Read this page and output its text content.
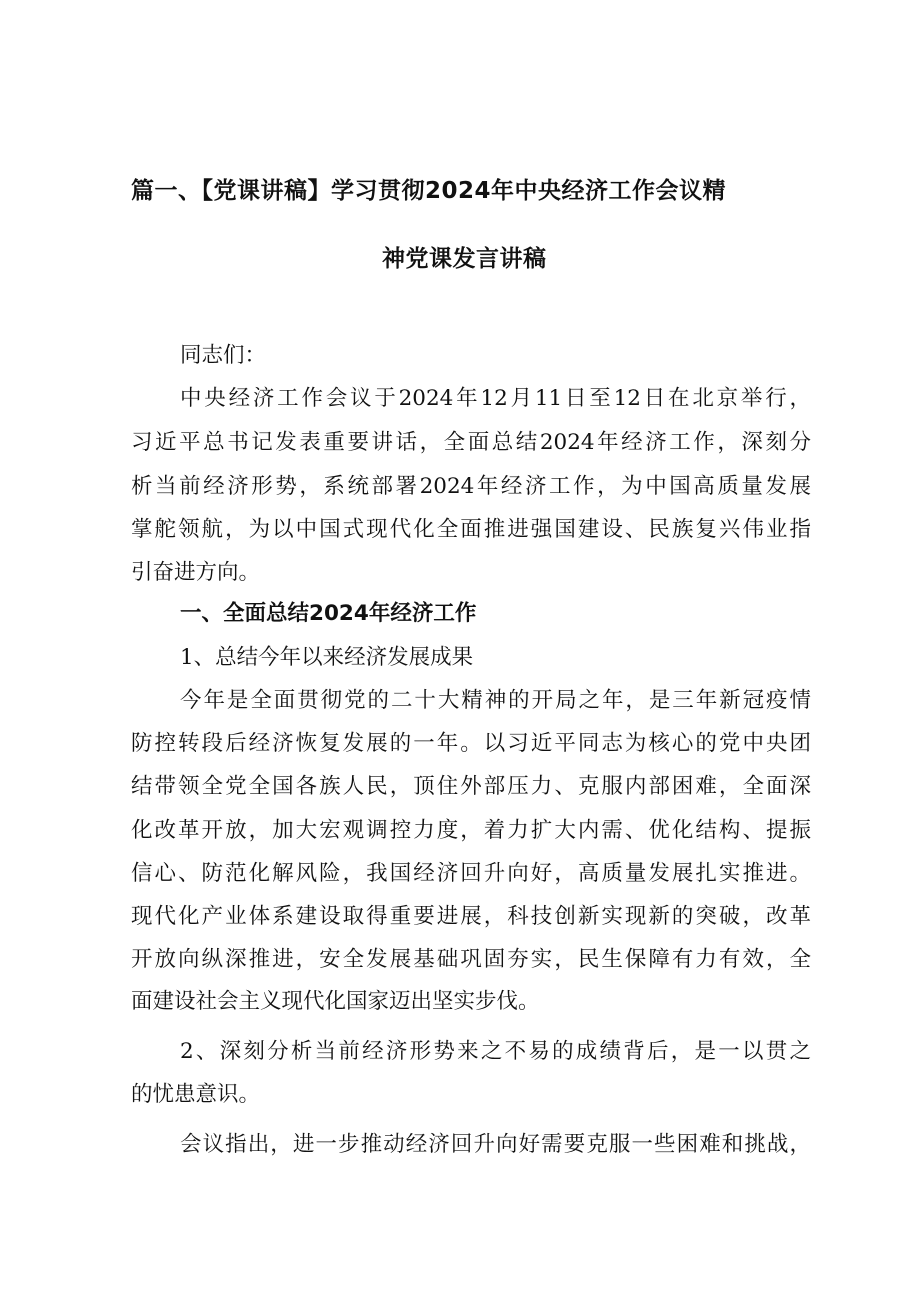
篇一、【党课讲稿】学习贯彻2024年中央经济工作会议精
神党课发言讲稿
同志们：
中央经济工作会议于2024年12月11日至12日在北京举行，
习近平总书记发表重要讲话，全面总结2024年经济工作，深刻分
析当前经济形势，系统部署2024年经济工作，为中国高质量发展
掌舵领航，为以中国式现代化全面推进强国建设、民族复兴伟业指
引奋进方向。
一、全面总结2024年经济工作
1、总结今年以来经济发展成果
今年是全面贯彻党的二十大精神的开局之年，是三年新冠疫情
防控转段后经济恢复发展的一年。以习近平同志为核心的党中央团
结带领全党全国各族人民，顶住外部压力、克服内部困难，全面深
化改革开放，加大宏观调控力度，着力扩大内需、优化结构、提振
信心、防范化解风险，我国经济回升向好，高质量发展扎实推进。
现代化产业体系建设取得重要进展，科技创新实现新的突破，改革
开放向纵深推进，安全发展基础巩固夯实，民生保障有力有效，全
面建设社会主义现代化国家迈出坚实步伐。
2、深刻分析当前经济形势来之不易的成绩背后，是一以贯之
的忧患意识。
会议指出，进一步推动经济回升向好需要克服一些困难和挑战，
